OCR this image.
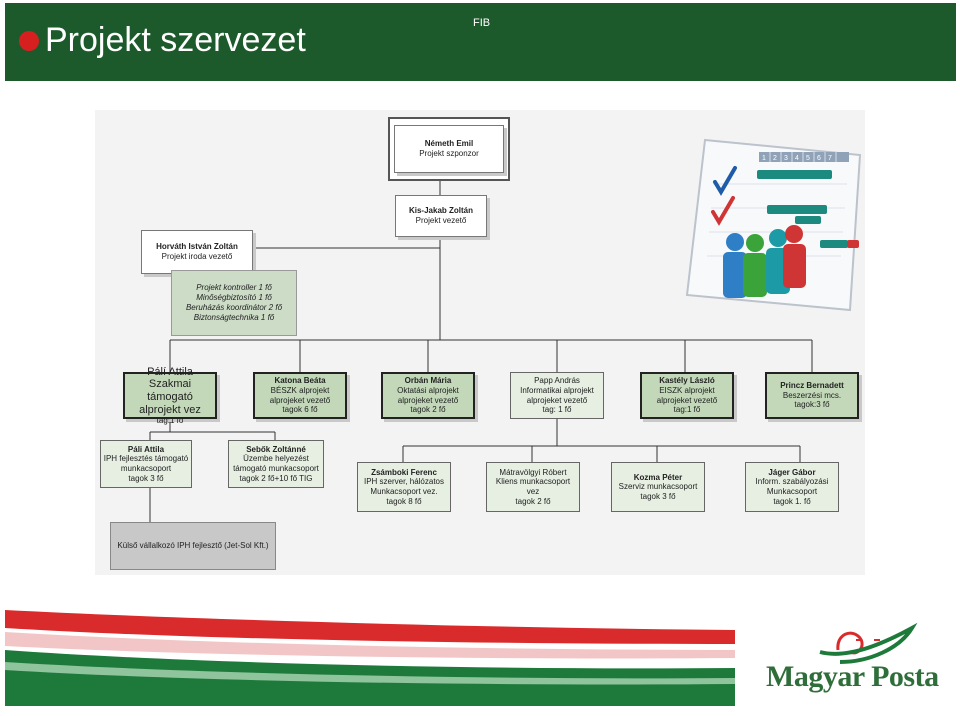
Projekt szervezet	FIB
1 2 3 4 5 6 7
Németh Emil
Projekt szponzor
Kis-Jakab Zoltán
Projekt vezető
Horváth István Zoltán
Projekt iroda vezető
Projekt kontroller 1 fő
Minőségbiztosító 1 fő
Beruházás koordinátor 2 fő
Biztonságtechnika 1 fő
Pálí Attila
Szakmai támogató
alprojekt vez
tag:1 fő
Katona Beáta
BÉSZK alprojekt
alprojeket vezető
tagok 6 fő
Orbán Mária
Oktatási alprojekt
alprojeket vezető
tagok 2 fő
Papp András
Informatikai alprojekt
alprojeket vezető
tag: 1 fő
Kastély László
EISZK alprojekt
alprojeket vezető
tag:1 fő
Princz Bernadett
Beszerzési mcs.
tagok:3 fő
Páli Attila
IPH fejlesztés támogató
munkacsoport
tagok 3 fő
Sebők Zoltánné
Üzembe helyezést
támogató munkacsoport
tagok 2 fő+10 fő TIG
Külső vállalkozó IPH fejlesztő (Jet-Sol Kft.)
Zsámboki Ferenc
IPH szerver, hálózatos
Munkacsoport vez.
tagok 8 fő
Mátravölgyi Róbert
Kliens munkacsoport vez
tagok 2 fő
Kozma Péter
Szerviz munkacsoport
tagok 3 fő
Jáger Gábor
Inform. szabályozási
Munkacsoport
tagok 1. fő
Magyar Posta
